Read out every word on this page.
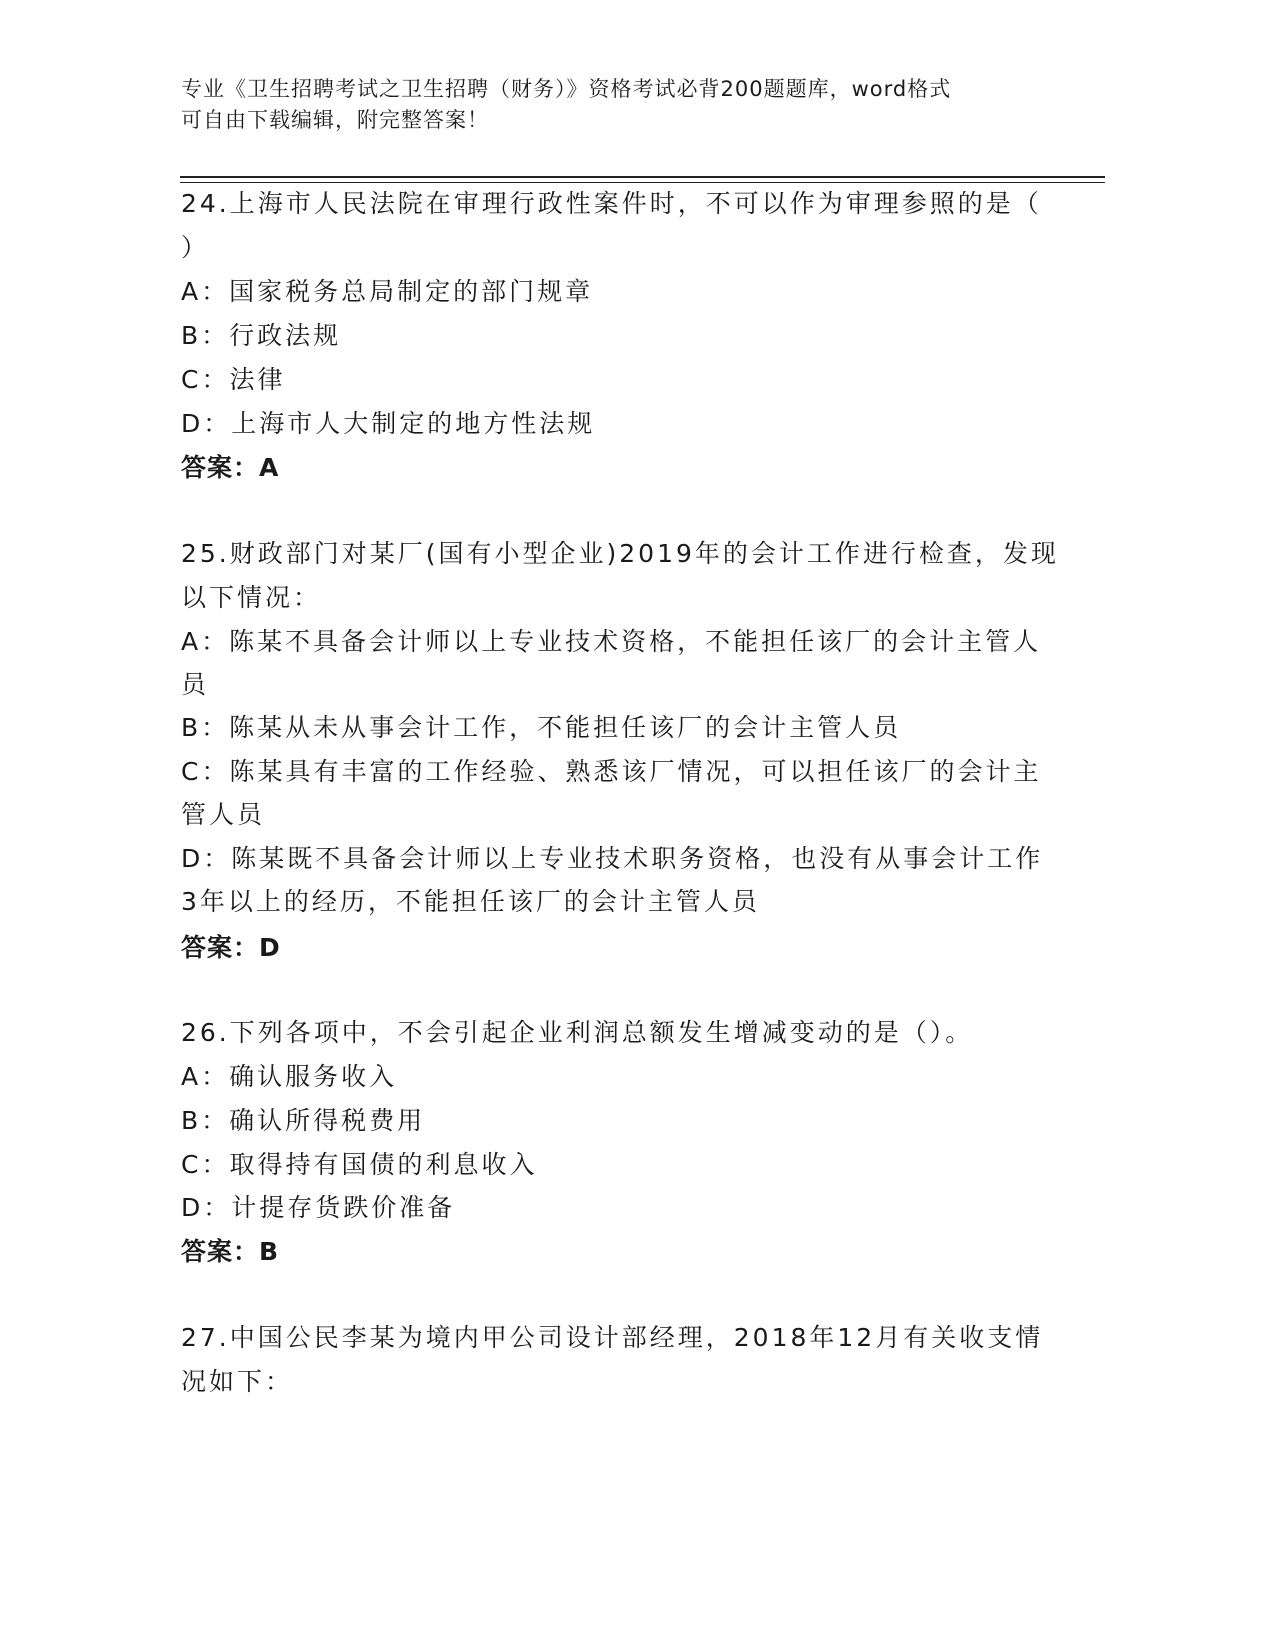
专业《卫生招聘考试之卫生招聘（财务）》资格考试必背200题题库，word格式
可自由下载编辑，附完整答案！
24.上海市人民法院在审理行政性案件时，不可以作为审理参照的是（
）
A：国家税务总局制定的部门规章
B：行政法规
C：法律
D：上海市人大制定的地方性法规
答案：A
25.财政部门对某厂(国有小型企业)2019年的会计工作进行检查，发现
以下情况：
A：陈某不具备会计师以上专业技术资格，不能担任该厂的会计主管人
员
B：陈某从未从事会计工作，不能担任该厂的会计主管人员
C：陈某具有丰富的工作经验、熟悉该厂情况，可以担任该厂的会计主
管人员
D：陈某既不具备会计师以上专业技术职务资格，也没有从事会计工作
3年以上的经历，不能担任该厂的会计主管人员
答案：D
26.下列各项中，不会引起企业利润总额发生增减变动的是（）。
A：确认服务收入
B：确认所得税费用
C：取得持有国债的利息收入
D：计提存货跌价准备
答案：B
27.中国公民李某为境内甲公司设计部经理，2018年12月有关收支情
况如下：
